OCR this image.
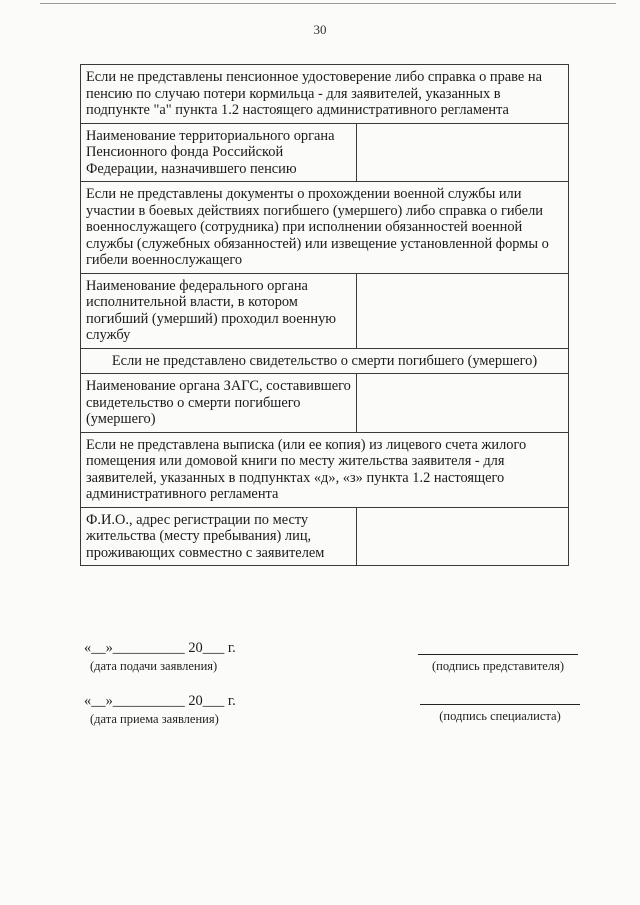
30
Если не представлены пенсионное удостоверение либо справка о праве на пенсию по случаю потери кормильца - для заявителей, указанных в подпункте "а" пункта 1.2 настоящего административного регламента	
Наименование территориального органа Пенсионного фонда Российской Федерации, назначившего пенсию	
Если не представлены документы о прохождении военной службы или участии в боевых действиях погибшего (умершего) либо справка о гибели военнослужащего (сотрудника) при исполнении обязанностей военной службы (служебных обязанностей) или извещение установленной формы о гибели военнослужащего	
Наименование федерального органа исполнительной власти, в котором погибший (умерший) проходил военную службу	
Если не представлено свидетельство о смерти погибшего (умершего)	
Наименование органа ЗАГС, составившего свидетельство о смерти погибшего (умершего)	
Если не представлена выписка (или ее копия) из лицевого счета жилого помещения или домовой книги по месту жительства заявителя - для заявителей, указанных в подпунктах «д», «з» пункта 1.2 настоящего административного регламента	
Ф.И.О., адрес регистрации по месту жительства (месту пребывания) лиц, проживающих совместно с заявителем	
«__»__________ 20___ г.
(дата подачи заявления)	(подпись представителя)
«__»__________ 20___ г.
(дата приема заявления)	(подпись специалиста)
